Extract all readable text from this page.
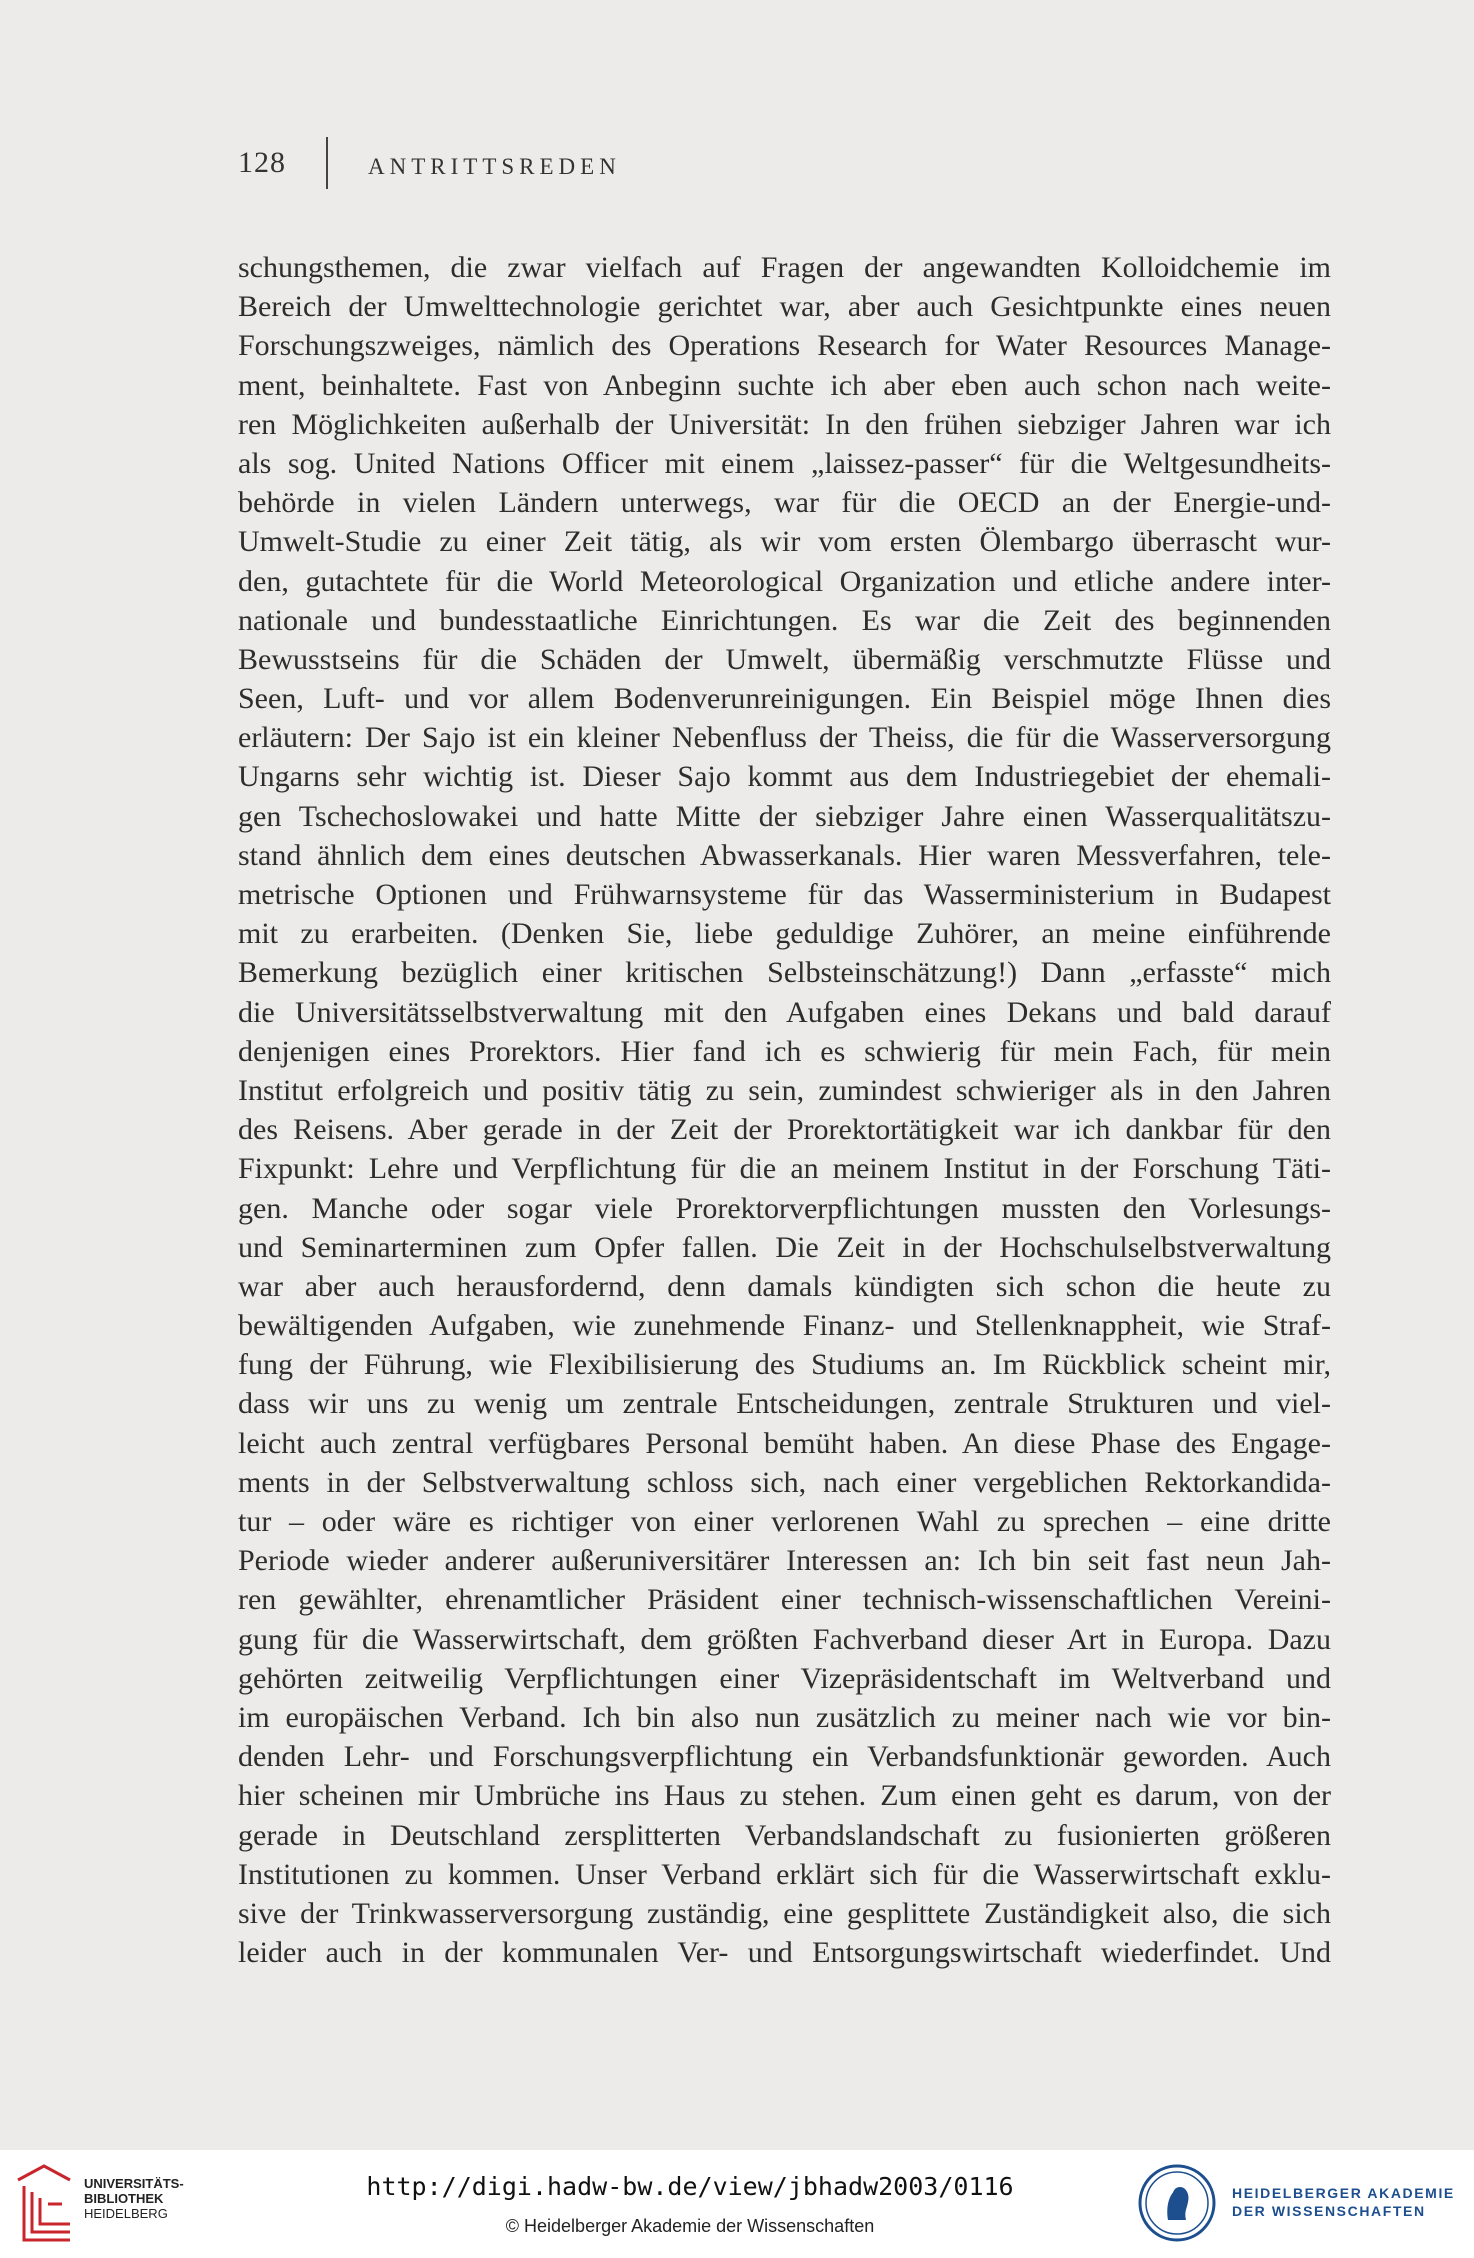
128	ANTRITTSREDEN
schungsthemen, die zwar vielfach auf Fragen der angewandten Kolloidchemie im
Bereich der Umwelttechnologie gerichtet war, aber auch Gesichtpunkte eines neuen
Forschungszweiges, nämlich des Operations Research for Water Resources Manage-
ment, beinhaltete. Fast von Anbeginn suchte ich aber eben auch schon nach weite-
ren Möglichkeiten außerhalb der Universität: In den frühen siebziger Jahren war ich
als sog. United Nations Officer mit einem „laissez-passer“ für die Weltgesundheits-
behörde in vielen Ländern unterwegs, war für die OECD an der Energie-und-
Umwelt-Studie zu einer Zeit tätig, als wir vom ersten Ölembargo überrascht wur-
den, gutachtete für die World Meteorological Organization und etliche andere inter-
nationale und bundesstaatliche Einrichtungen. Es war die Zeit des beginnenden
Bewusstseins für die Schäden der Umwelt, übermäßig verschmutzte Flüsse und
Seen, Luft- und vor allem Bodenverunreinigungen. Ein Beispiel möge Ihnen dies
erläutern: Der Sajo ist ein kleiner Nebenfluss der Theiss, die für die Wasserversorgung
Ungarns sehr wichtig ist. Dieser Sajo kommt aus dem Industriegebiet der ehemali-
gen Tschechoslowakei und hatte Mitte der siebziger Jahre einen Wasserqualitätszu-
stand ähnlich dem eines deutschen Abwasserkanals. Hier waren Messverfahren, tele-
metrische Optionen und Frühwarnsysteme für das Wasserministerium in Budapest
mit zu erarbeiten. (Denken Sie, liebe geduldige Zuhörer, an meine einführende
Bemerkung bezüglich einer kritischen Selbsteinschätzung!) Dann „erfasste“ mich
die Universitätsselbstverwaltung mit den Aufgaben eines Dekans und bald darauf
denjenigen eines Prorektors. Hier fand ich es schwierig für mein Fach, für mein
Institut erfolgreich und positiv tätig zu sein, zumindest schwieriger als in den Jahren
des Reisens. Aber gerade in der Zeit der Prorektortätigkeit war ich dankbar für den
Fixpunkt: Lehre und Verpflichtung für die an meinem Institut in der Forschung Täti-
gen. Manche oder sogar viele Prorektorverpflichtungen mussten den Vorlesungs-
und Seminarterminen zum Opfer fallen. Die Zeit in der Hochschulselbstverwaltung
war aber auch herausfordernd, denn damals kündigten sich schon die heute zu
bewältigenden Aufgaben, wie zunehmende Finanz- und Stellenknappheit, wie Straf-
fung der Führung, wie Flexibilisierung des Studiums an. Im Rückblick scheint mir,
dass wir uns zu wenig um zentrale Entscheidungen, zentrale Strukturen und viel-
leicht auch zentral verfügbares Personal bemüht haben. An diese Phase des Engage-
ments in der Selbstverwaltung schloss sich, nach einer vergeblichen Rektorkandida-
tur – oder wäre es richtiger von einer verlorenen Wahl zu sprechen – eine dritte
Periode wieder anderer außeruniversitärer Interessen an: Ich bin seit fast neun Jah-
ren gewählter, ehrenamtlicher Präsident einer technisch-wissenschaftlichen Vereini-
gung für die Wasserwirtschaft, dem größten Fachverband dieser Art in Europa. Dazu
gehörten zeitweilig Verpflichtungen einer Vizepräsidentschaft im Weltverband und
im europäischen Verband. Ich bin also nun zusätzlich zu meiner nach wie vor bin-
denden Lehr- und Forschungsverpflichtung ein Verbandsfunktionär geworden. Auch
hier scheinen mir Umbrüche ins Haus zu stehen. Zum einen geht es darum, von der
gerade in Deutschland zersplitterten Verbandslandschaft zu fusionierten größeren
Institutionen zu kommen. Unser Verband erklärt sich für die Wasserwirtschaft exklu-
sive der Trinkwasserversorgung zuständig, eine gesplittete Zuständigkeit also, die sich
leider auch in der kommunalen Ver- und Entsorgungswirtschaft wiederfindet. Und
UNIVERSITÄTS-
BIBLIOTHEK
HEIDELBERG
http://digi.hadw-bw.de/view/jbhadw2003/0116
© Heidelberger Akademie der Wissenschaften
HEIDELBERGER AKADEMIE
DER WISSENSCHAFTEN
